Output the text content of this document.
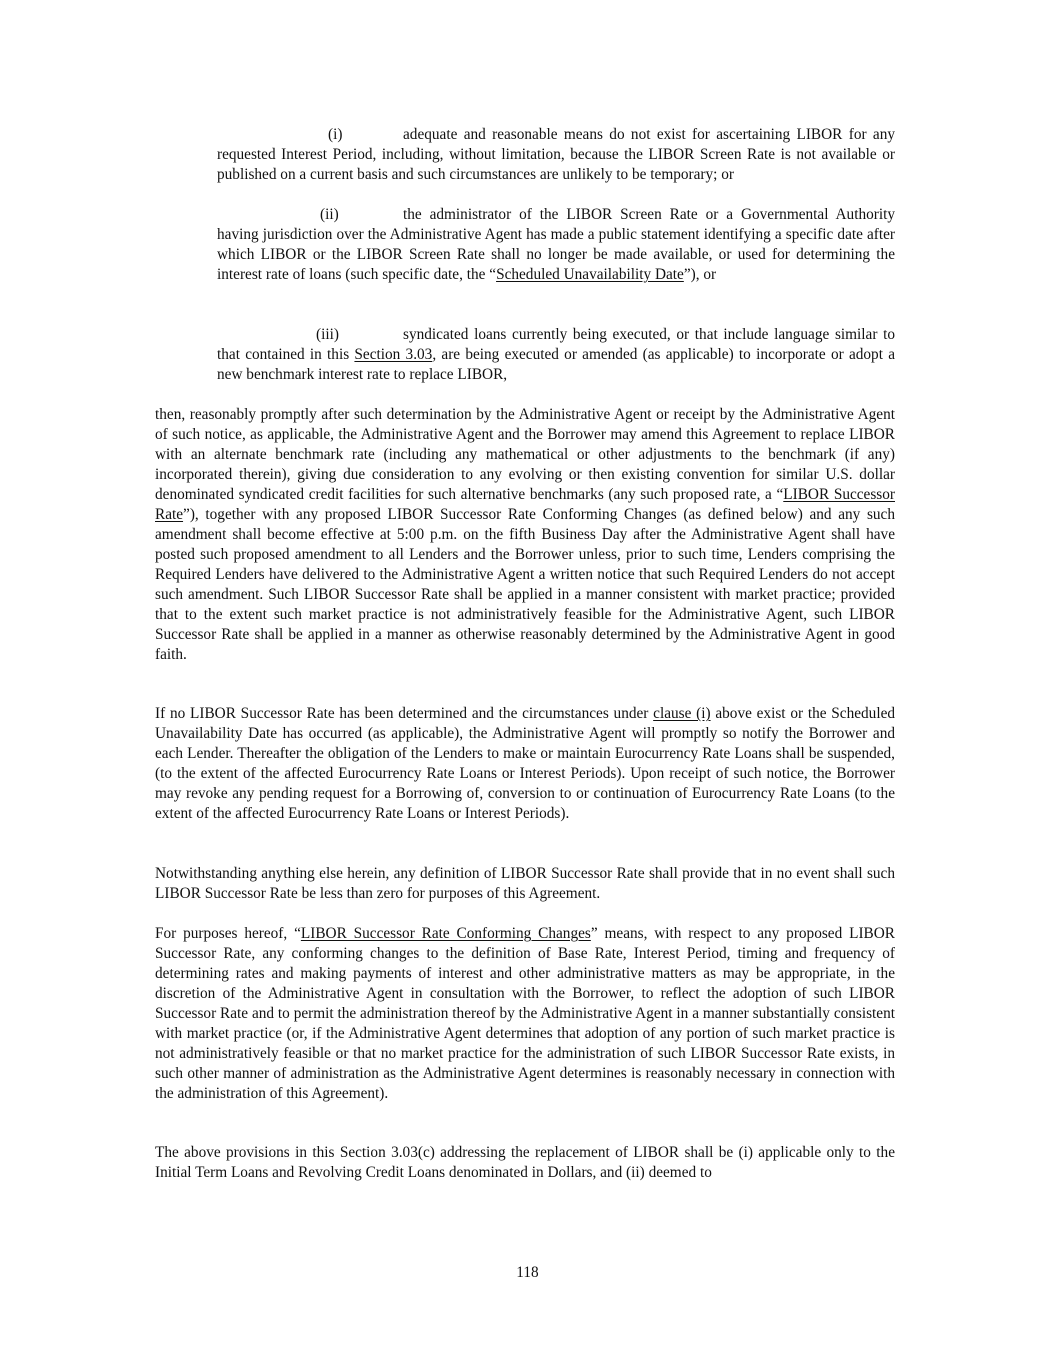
(i)	adequate and reasonable means do not exist for ascertaining LIBOR for any requested Interest Period, including, without limitation, because the LIBOR Screen Rate is not available or published on a current basis and such circumstances are unlikely to be temporary; or
(ii)	the administrator of the LIBOR Screen Rate or a Governmental Authority having jurisdiction over the Administrative Agent has made a public statement identifying a specific date after which LIBOR or the LIBOR Screen Rate shall no longer be made available, or used for determining the interest rate of loans (such specific date, the “Scheduled Unavailability Date”), or
(iii)	syndicated loans currently being executed, or that include language similar to that contained in this Section 3.03, are being executed or amended (as applicable) to incorporate or adopt a new benchmark interest rate to replace LIBOR,
then, reasonably promptly after such determination by the Administrative Agent or receipt by the Administrative Agent of such notice, as applicable, the Administrative Agent and the Borrower may amend this Agreement to replace LIBOR with an alternate benchmark rate (including any mathematical or other adjustments to the benchmark (if any) incorporated therein), giving due consideration to any evolving or then existing convention for similar U.S. dollar denominated syndicated credit facilities for such alternative benchmarks (any such proposed rate, a “LIBOR Successor Rate”), together with any proposed LIBOR Successor Rate Conforming Changes (as defined below) and any such amendment shall become effective at 5:00 p.m. on the fifth Business Day after the Administrative Agent shall have posted such proposed amendment to all Lenders and the Borrower unless, prior to such time, Lenders comprising the Required Lenders have delivered to the Administrative Agent a written notice that such Required Lenders do not accept such amendment. Such LIBOR Successor Rate shall be applied in a manner consistent with market practice; provided that to the extent such market practice is not administratively feasible for the Administrative Agent, such LIBOR Successor Rate shall be applied in a manner as otherwise reasonably determined by the Administrative Agent in good faith.
If no LIBOR Successor Rate has been determined and the circumstances under clause (i) above exist or the Scheduled Unavailability Date has occurred (as applicable), the Administrative Agent will promptly so notify the Borrower and each Lender. Thereafter the obligation of the Lenders to make or maintain Eurocurrency Rate Loans shall be suspended, (to the extent of the affected Eurocurrency Rate Loans or Interest Periods). Upon receipt of such notice, the Borrower may revoke any pending request for a Borrowing of, conversion to or continuation of Eurocurrency Rate Loans (to the extent of the affected Eurocurrency Rate Loans or Interest Periods).
Notwithstanding anything else herein, any definition of LIBOR Successor Rate shall provide that in no event shall such LIBOR Successor Rate be less than zero for purposes of this Agreement.
For purposes hereof, “LIBOR Successor Rate Conforming Changes” means, with respect to any proposed LIBOR Successor Rate, any conforming changes to the definition of Base Rate, Interest Period, timing and frequency of determining rates and making payments of interest and other administrative matters as may be appropriate, in the discretion of the Administrative Agent in consultation with the Borrower, to reflect the adoption of such LIBOR Successor Rate and to permit the administration thereof by the Administrative Agent in a manner substantially consistent with market practice (or, if the Administrative Agent determines that adoption of any portion of such market practice is not administratively feasible or that no market practice for the administration of such LIBOR Successor Rate exists, in such other manner of administration as the Administrative Agent determines is reasonably necessary in connection with the administration of this Agreement).
The above provisions in this Section 3.03(c) addressing the replacement of LIBOR shall be (i) applicable only to the Initial Term Loans and Revolving Credit Loans denominated in Dollars, and (ii) deemed to
118
